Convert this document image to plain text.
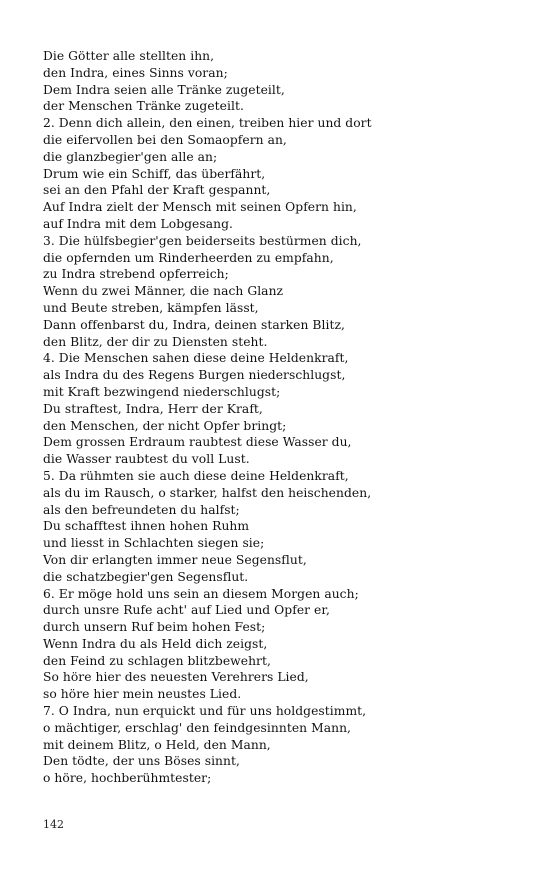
Die Götter alle stellten ihn,
den Indra, eines Sinns voran;
Dem Indra seien alle Tränke zugeteilt,
der Menschen Tränke zugeteilt.
2. Denn dich allein, den einen, treiben hier und dort
die eifervollen bei den Somaopfern an,
die glanzbegier'gen alle an;
Drum wie ein Schiff, das überfährt,
sei an den Pfahl der Kraft gespannt,
Auf Indra zielt der Mensch mit seinen Opfern hin,
auf Indra mit dem Lobgesang.
3. Die hülfsbegier'gen beiderseits bestürmen dich,
die opfernden um Rinderheerden zu empfahn,
zu Indra strebend opferreich;
Wenn du zwei Männer, die nach Glanz
und Beute streben, kämpfen lässt,
Dann offenbarst du, Indra, deinen starken Blitz,
den Blitz, der dir zu Diensten steht.
4. Die Menschen sahen diese deine Heldenkraft,
als Indra du des Regens Burgen niederschlugst,
mit Kraft bezwingend niederschlugst;
Du straftest, Indra, Herr der Kraft,
den Menschen, der nicht Opfer bringt;
Dem grossen Erdraum raubtest diese Wasser du,
die Wasser raubtest du voll Lust.
5. Da rühmten sie auch diese deine Heldenkraft,
als du im Rausch, o starker, halfst den heischenden,
als den befreundeten du halfst;
Du schafftest ihnen hohen Ruhm
und liesst in Schlachten siegen sie;
Von dir erlangten immer neue Segensflut,
die schatzbegier'gen Segensflut.
6. Er möge hold uns sein an diesem Morgen auch;
durch unsre Rufe acht' auf Lied und Opfer er,
durch unsern Ruf beim hohen Fest;
Wenn Indra du als Held dich zeigst,
den Feind zu schlagen blitzbewehrt,
So höre hier des neuesten Verehrers Lied,
so höre hier mein neustes Lied.
7. O Indra, nun erquickt und für uns holdgestimmt,
o mächtiger, erschlag' den feindgesinnten Mann,
mit deinem Blitz, o Held, den Mann,
Den tödte, der uns Böses sinnt,
o höre, hochberühmtester;
142
